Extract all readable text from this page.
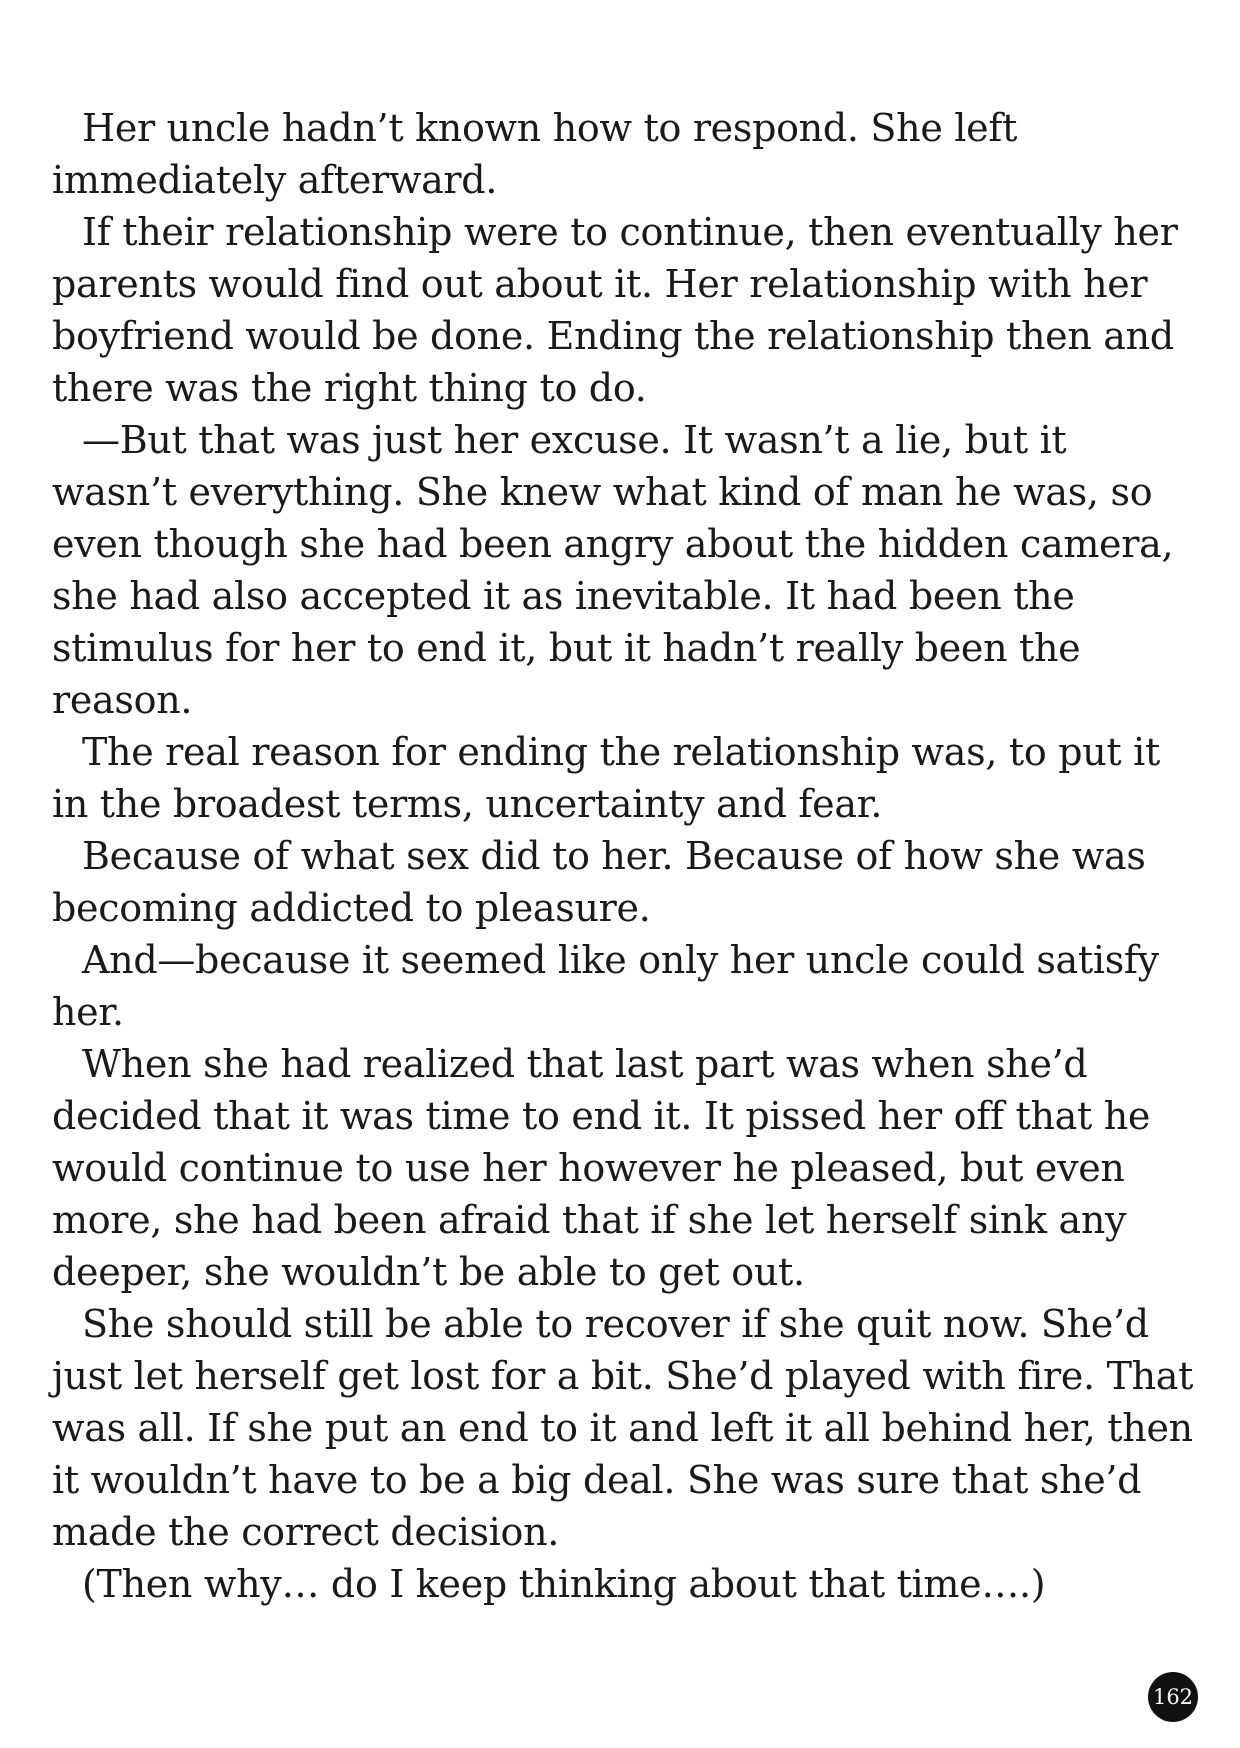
Her uncle hadn’t known how to respond. She left immediately afterward.

If their relationship were to continue, then eventually her parents would find out about it. Her relationship with her boyfriend would be done. Ending the relationship then and there was the right thing to do.

—But that was just her excuse. It wasn’t a lie, but it wasn’t everything. She knew what kind of man he was, so even though she had been angry about the hidden camera, she had also accepted it as inevitable. It had been the stimulus for her to end it, but it hadn’t really been the reason.

The real reason for ending the relationship was, to put it in the broadest terms, uncertainty and fear.

Because of what sex did to her. Because of how she was becoming addicted to pleasure.

And—because it seemed like only her uncle could satisfy her.

When she had realized that last part was when she’d decided that it was time to end it. It pissed her off that he would continue to use her however he pleased, but even more, she had been afraid that if she let herself sink any deeper, she wouldn’t be able to get out.

She should still be able to recover if she quit now. She’d just let herself get lost for a bit. She’d played with fire. That was all. If she put an end to it and left it all behind her, then it wouldn’t have to be a big deal. She was sure that she’d made the correct decision.

(Then why… do I keep thinking about that time….)

162
